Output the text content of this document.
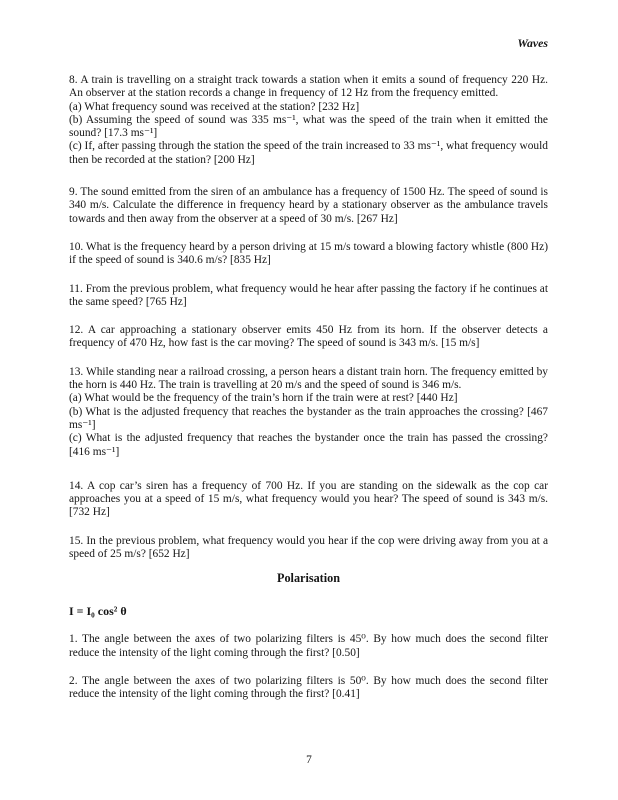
Waves

8. A train is travelling on a straight track towards a station when it emits a sound of frequency 220 Hz. An observer at the station records a change in frequency of 12 Hz from the frequency emitted.

(a) What frequency sound was received at the station? [232 Hz]

(b) Assuming the speed of sound was 335 ms⁻¹, what was the speed of the train when it emitted the sound? [17.3 ms⁻¹]

(c) If, after passing through the station the speed of the train increased to 33 ms⁻¹, what frequency would then be recorded at the station? [200 Hz]

9. The sound emitted from the siren of an ambulance has a frequency of 1500 Hz. The speed of sound is 340 m/s. Calculate the difference in frequency heard by a stationary observer as the ambulance travels towards and then away from the observer at a speed of 30 m/s. [267 Hz]

10. What is the frequency heard by a person driving at 15 m/s toward a blowing factory whistle (800 Hz) if the speed of sound is 340.6 m/s? [835 Hz]

11. From the previous problem, what frequency would he hear after passing the factory if he continues at the same speed? [765 Hz]

12. A car approaching a stationary observer emits 450 Hz from its horn. If the observer detects a frequency of 470 Hz, how fast is the car moving? The speed of sound is 343 m/s. [15 m/s]

13. While standing near a railroad crossing, a person hears a distant train horn. The frequency emitted by the horn is 440 Hz. The train is travelling at 20 m/s and the speed of sound is 346 m/s.

(a) What would be the frequency of the train’s horn if the train were at rest? [440 Hz]

(b) What is the adjusted frequency that reaches the bystander as the train approaches the crossing? [467 ms⁻¹]

(c) What is the adjusted frequency that reaches the bystander once the train has passed the crossing? [416 ms⁻¹]

14. A cop car’s siren has a frequency of 700 Hz. If you are standing on the sidewalk as the cop car approaches you at a speed of 15 m/s, what frequency would you hear? The speed of sound is 343 m/s. [732 Hz]

15. In the previous problem, what frequency would you hear if the cop were driving away from you at a speed of 25 m/s? [652 Hz]

Polarisation

I = I₀ cos² θ

1. The angle between the axes of two polarizing filters is 45⁰. By how much does the second filter reduce the intensity of the light coming through the first? [0.50]

2. The angle between the axes of two polarizing filters is 50⁰. By how much does the second filter reduce the intensity of the light coming through the first? [0.41]

7
